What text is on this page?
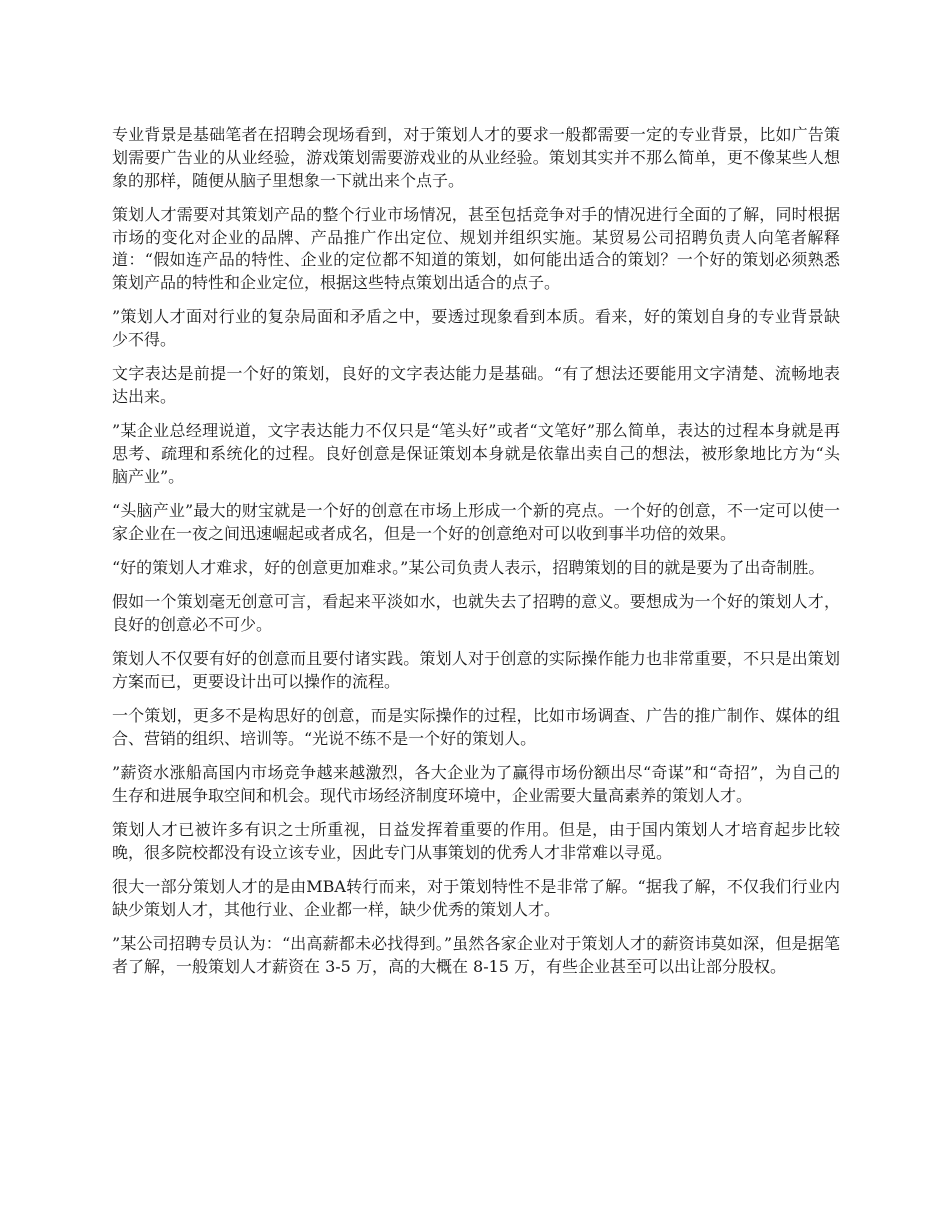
专业背景是基础笔者在招聘会现场看到，对于策划人才的要求一般都需要一定的专业背景，比如广告策划需要广告业的从业经验，游戏策划需要游戏业的从业经验。策划其实并不那么简单，更不像某些人想象的那样，随便从脑子里想象一下就出来个点子。

策划人才需要对其策划产品的整个行业市场情况，甚至包括竞争对手的情况进行全面的了解，同时根据市场的变化对企业的品牌、产品推广作出定位、规划并组织实施。某贸易公司招聘负责人向笔者解释道：“假如连产品的特性、企业的定位都不知道的策划，如何能出适合的策划？一个好的策划必须熟悉策划产品的特性和企业定位，根据这些特点策划出适合的点子。

”策划人才面对行业的复杂局面和矛盾之中，要透过现象看到本质。看来，好的策划自身的专业背景缺少不得。

文字表达是前提一个好的策划，良好的文字表达能力是基础。“有了想法还要能用文字清楚、流畅地表达出来。

”某企业总经理说道，文字表达能力不仅只是“笔头好”或者“文笔好”那么简单，表达的过程本身就是再思考、疏理和系统化的过程。良好创意是保证策划本身就是依靠出卖自己的想法，被形象地比方为“头脑产业”。

“头脑产业”最大的财宝就是一个好的创意在市场上形成一个新的亮点。一个好的创意，不一定可以使一家企业在一夜之间迅速崛起或者成名，但是一个好的创意绝对可以收到事半功倍的效果。

“好的策划人才难求，好的创意更加难求。”某公司负责人表示，招聘策划的目的就是要为了出奇制胜。

假如一个策划毫无创意可言，看起来平淡如水，也就失去了招聘的意义。要想成为一个好的策划人才，良好的创意必不可少。

策划人不仅要有好的创意而且要付诸实践。策划人对于创意的实际操作能力也非常重要，不只是出策划方案而已，更要设计出可以操作的流程。

一个策划，更多不是构思好的创意，而是实际操作的过程，比如市场调查、广告的推广制作、媒体的组合、营销的组织、培训等。“光说不练不是一个好的策划人。

”薪资水涨船高国内市场竞争越来越激烈，各大企业为了赢得市场份额出尽“奇谋”和“奇招”，为自己的生存和进展争取空间和机会。现代市场经济制度环境中，企业需要大量高素养的策划人才。

策划人才已被许多有识之士所重视，日益发挥着重要的作用。但是，由于国内策划人才培育起步比较晚，很多院校都没有设立该专业，因此专门从事策划的优秀人才非常难以寻觅。

很大一部分策划人才的是由MBA转行而来，对于策划特性不是非常了解。“据我了解，不仅我们行业内缺少策划人才，其他行业、企业都一样，缺少优秀的策划人才。

”某公司招聘专员认为：“出高薪都未必找得到。”虽然各家企业对于策划人才的薪资讳莫如深，但是据笔者了解，一般策划人才薪资在 3-5 万，高的大概在 8-15 万，有些企业甚至可以出让部分股权。
